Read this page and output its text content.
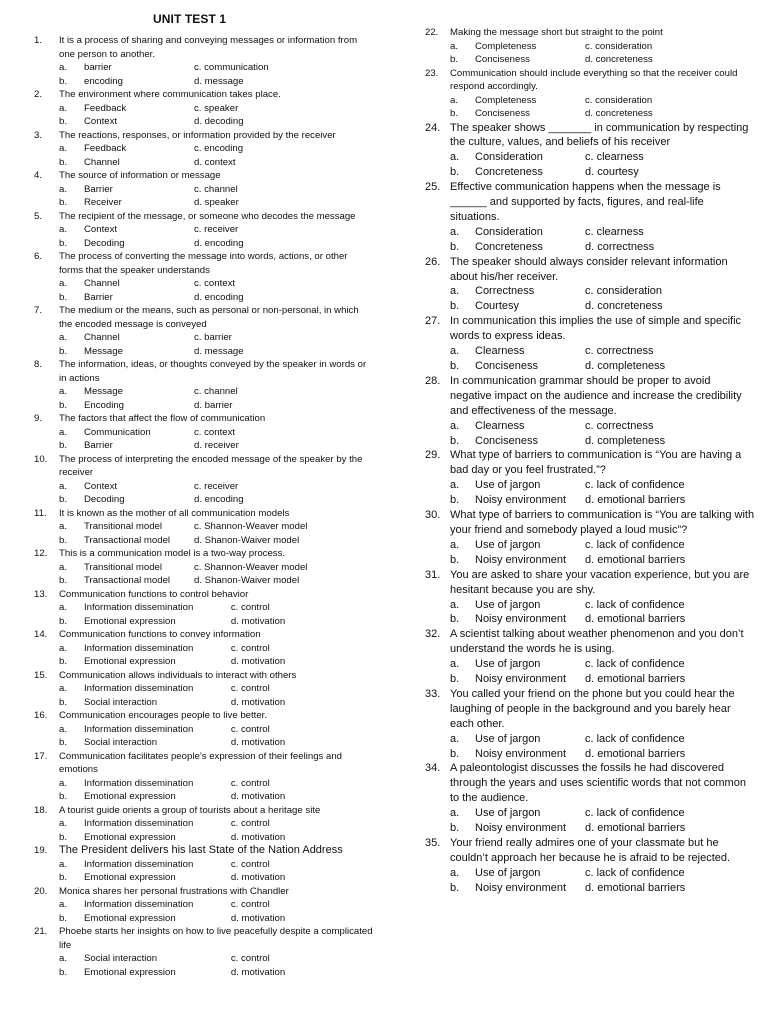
UNIT TEST 1
1.	It is a process of sharing and conveying messages or information from one person to another.
a.	barrier	c. communication
b.	encoding	d. message
2.	The environment where communication takes place.
a.	Feedback	c. speaker
b.	Context	d. decoding
3.	The reactions, responses, or information provided by the receiver
a.	Feedback	c. encoding
b.	Channel	d. context
4.	The source of information or message
a.	Barrier	c. channel
b.	Receiver	d. speaker
5.	The recipient of the message, or someone who decodes the message
a.	Context	c. receiver
b.	Decoding	d. encoding
6.	The process of converting the message into words, actions, or other forms that the speaker understands
a.	Channel	c. context
b.	Barrier	d. encoding
7.	The medium or the means, such as personal or non-personal, in which the encoded message is conveyed
a.	Channel	c. barrier
b.	Message	d. message
8.	The information, ideas, or thoughts conveyed by the speaker in words or in actions
a.	Message	c. channel
b.	Encoding	d. barrier
9.	The factors that affect the flow of communication
a.	Communication	c. context
b.	Barrier	d. receiver
10.	The process of interpreting the encoded message of the speaker by the receiver
a.	Context	c. receiver
b.	Decoding	d. encoding
11.	It is known as the mother of all communication models
a.	Transitional model	c. Shannon-Weaver model
b.	Transactional model d. Shanon-Waiver model
12.	This is a communication model is a two-way process.
a.	Transitional model	c. Shannon-Weaver model
b.	Transactional model d. Shanon-Waiver model
13.	Communication functions to control behavior
a.	Information dissemination	c. control
b.	Emotional expression	d. motivation
14.	Communication functions to convey information
a.	Information dissemination	c. control
b.	Emotional expression	d. motivation
15.	Communication allows individuals to interact with others
a.	Information dissemination	c. control
b.	Social interaction	d. motivation
16.	Communication encourages people to live better.
a.	Information dissemination	c. control
b.	Social interaction	d. motivation
17.	Communication facilitates people’s expression of their feelings and emotions
a.	Information dissemination	c. control
b.	Emotional expression	d. motivation
18.	A tourist guide orients a group of tourists about a heritage site
a.	Information dissemination	c. control
b.	Emotional expression	d. motivation
19.	The President delivers his last State of the Nation Address
a.	Information dissemination	c. control
b.	Emotional expression	d. motivation
20.	Monica shares her personal frustrations with Chandler
a.	Information dissemination	c. control
b.	Emotional expression	d. motivation
21.	Phoebe starts her insights on how to live peacefully despite a complicated life
a.	Social interaction	c. control
b.	Emotional expression	d. motivation
22.	Making the message short but straight to the point
a.	Completeness	c. consideration
b.	Conciseness	d. concreteness
23.	Communication should include everything so that the receiver could respond accordingly.
a.	Completeness	c. consideration
b.	Conciseness	d. concreteness
24. The speaker shows _______ in communication by respecting the culture, values, and beliefs of his receiver
a.	Consideration	c. clearness
b.	Concreteness	d. courtesy
25. Effective communication happens when the message is ______ and supported by facts, figures, and real-life situations.
a.	Consideration	c. clearness
b.	Concreteness	d. correctness
26. The speaker should always consider relevant information about his/her receiver.
a.	Correctness	c. consideration
b.	Courtesy	d. concreteness
27. In communication this implies the use of simple and specific words to express ideas.
a.	Clearness	c. correctness
b.	Conciseness	d. completeness
28. In communication grammar should be proper to avoid negative impact on the audience and increase the credibility and effectiveness of the message.
a.	Clearness	c. correctness
b.	Conciseness	d. completeness
29. What type of barriers to communication is “You are having a bad day or you feel frustrated.”?
a.	Use of jargon	c. lack of confidence
b.	Noisy environment d. emotional barriers
30. What type of barriers to communication is “You are talking with your friend and somebody played a loud music”?
a.	Use of jargon	c. lack of confidence
b.	Noisy environment d. emotional barriers
31. You are asked to share your vacation experience, but you are hesitant because you are shy.
a.	Use of jargon	c. lack of confidence
b.	Noisy environment d. emotional barriers
32. A scientist talking about weather phenomenon and you don’t understand the words he is using.
a.	Use of jargon	c. lack of confidence
b.	Noisy environment d. emotional barriers
33. You called your friend on the phone but you could hear the laughing of people in the background and you barely hear each other.
a.	Use of jargon	c. lack of confidence
b.	Noisy environment d. emotional barriers
34. A paleontologist discusses the fossils he had discovered through the years and uses scientific words that not common to the audience.
a.	Use of jargon	c. lack of confidence
b.	Noisy environment d. emotional barriers
35. Your friend really admires one of your classmate but he couldn’t approach her because he is afraid to be rejected.
a.	Use of jargon	c. lack of confidence
b.	Noisy environment d. emotional barriers
